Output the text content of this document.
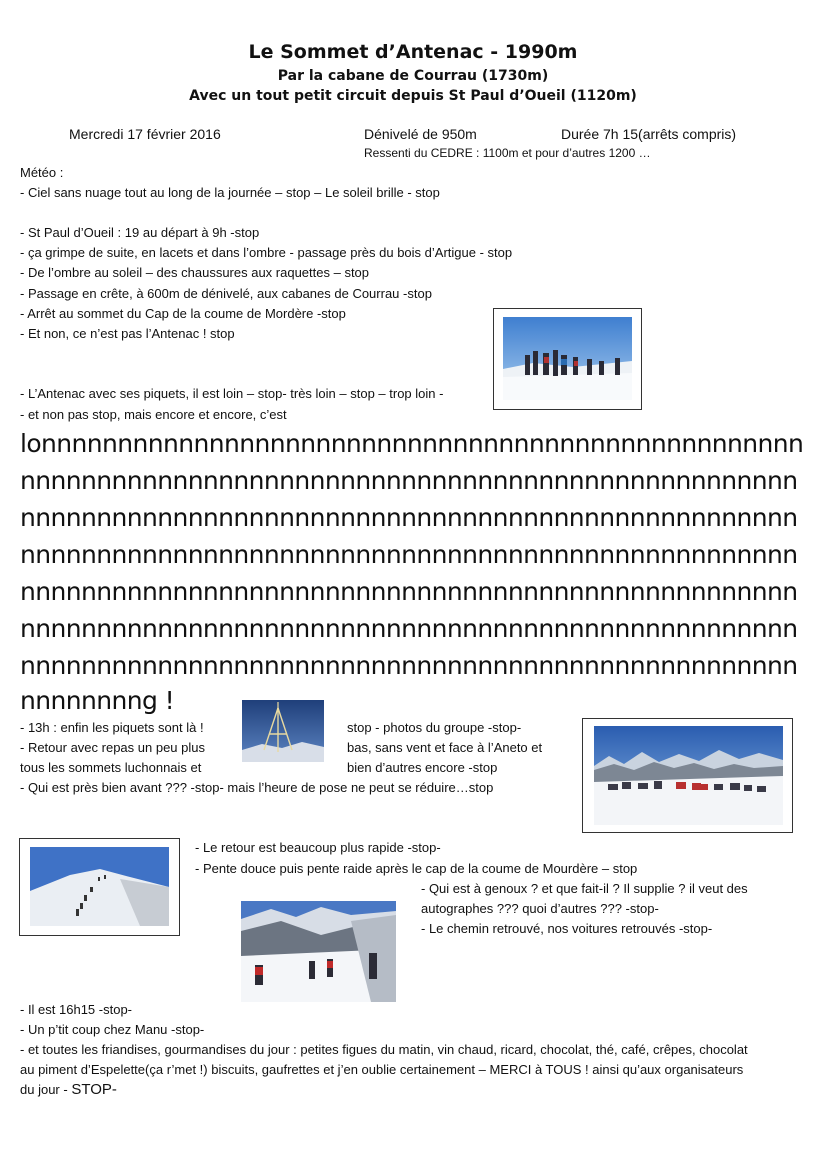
Le Sommet d’Antenac - 1990m
Par la cabane de Courrau (1730m)
Avec un tout petit circuit depuis St Paul d’Oueil (1120m)
Mercredi 17 février 2016	Dénivelé de 950m	Durée 7h 15(arrêts compris)
Ressenti du CEDRE : 1100m et pour d’autres 1200 …
Météo :
- Ciel sans nuage tout au long de la journée – stop – Le soleil brille - stop
- St Paul d’Oueil : 19 au départ à 9h -stop
- ça grimpe de suite, en lacets et dans l’ombre - passage près du bois d’Artigue - stop
- De l’ombre au soleil – des chaussures aux raquettes – stop
- Passage en crête, à 600m de dénivelé, aux cabanes de Courrau -stop
- Arrêt au sommet du Cap de la coume de Mordère -stop
- Et non, ce n’est pas l’Antenac ! stop
- L’Antenac avec ses piquets, il est loin – stop- très loin – stop – trop loin -
- et non pas stop, mais encore et encore, c’est
lonnnnnnnnnnnnnnnnnnnnnnnnnnnnnnnnnnnnnnnnnnnnnnnnnn
nnnnnnnnnnnnnnnnnnnnnnnnnnnnnnnnnnnnnnnnnnnnnnnnnnn
nnnnnnnnnnnnnnnnnnnnnnnnnnnnnnnnnnnnnnnnnnnnnnnnnnn
nnnnnnnnnnnnnnnnnnnnnnnnnnnnnnnnnnnnnnnnnnnnnnnnnnn
nnnnnnnnnnnnnnnnnnnnnnnnnnnnnnnnnnnnnnnnnnnnnnnnnnn
nnnnnnnnnnnnnnnnnnnnnnnnnnnnnnnnnnnnnnnnnnnnnnnnnnn
nnnnnnnnnnnnnnnnnnnnnnnnnnnnnnnnnnnnnnnnnnnnnnnnnnn
nnnnnnnng !
- 13h : enfin les piquets sont là !	stop - photos du groupe -stop-
- Retour avec repas un peu plus	bas, sans vent et face à l’Aneto et
tous les sommets luchonnais et	bien d’autres encore -stop
- Qui est près bien avant ??? -stop- mais l’heure de pose ne peut se réduire…stop
- Le retour est beaucoup plus rapide -stop-
- Pente douce puis pente raide après le cap de la coume de Mourdère – stop
- Qui est à genoux ? et que fait-il ? Il supplie ? il veut des
autographes ??? quoi d’autres ??? -stop-
- Le chemin retrouvé, nos voitures retrouvés -stop-
- Il est 16h15 -stop-
- Un p’tit coup chez Manu -stop-
- et toutes les friandises, gourmandises du jour : petites figues du matin, vin chaud, ricard, chocolat, thé, café, crêpes, chocolat
au piment d’Espelette(ça r’met !) biscuits, gaufrettes et j’en oublie certainement – MERCI à TOUS ! ainsi qu’aux organisateurs
du jour - STOP-
